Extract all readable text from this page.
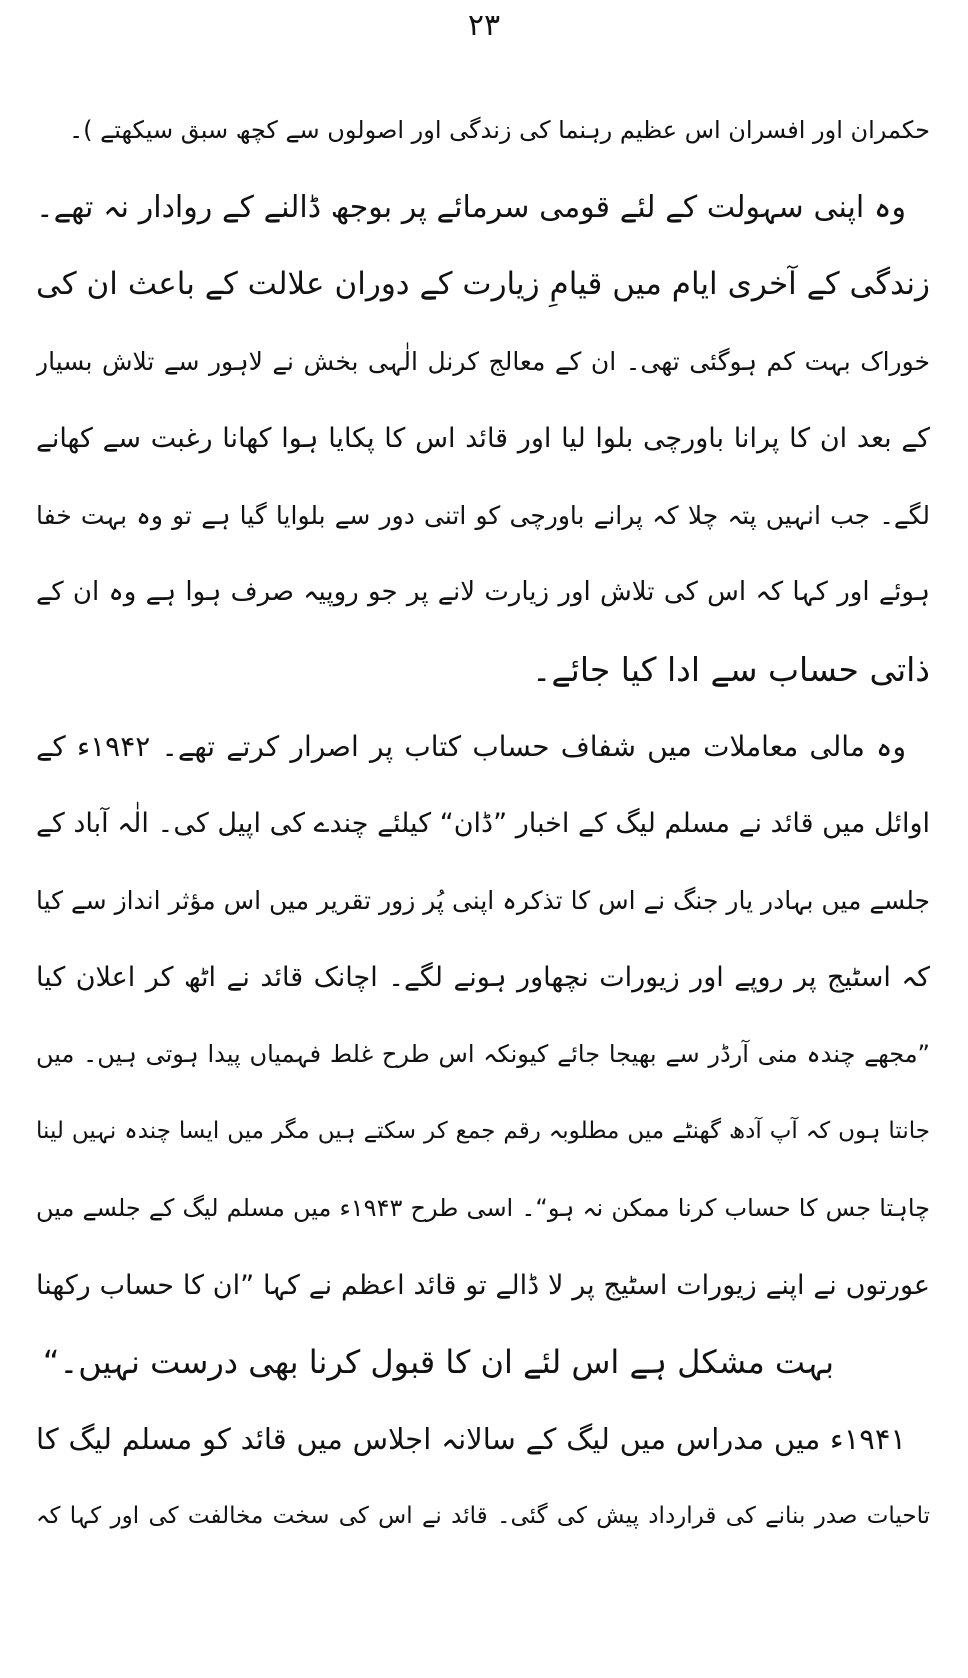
۲۳
حکمران اور افسران اس عظیم رہنما کی زندگی اور اصولوں سے کچھ سبق سیکھتے )۔
وہ اپنی سہولت کے لئے قومی سرمائے پر بوجھ ڈالنے کے روادار نہ تھے۔
زندگی کے آخری ایام میں قیامِ زیارت کے دوران علالت کے باعث ان کی
خوراک بہت کم ہوگئی تھی۔ ان کے معالج کرنل الٰہی بخش نے لاہور سے تلاش بسیار
کے بعد ان کا پرانا باورچی بلوا لیا اور قائد اس کا پکایا ہوا کھانا رغبت سے کھانے
لگے۔ جب انہیں پتہ چلا کہ پرانے باورچی کو اتنی دور سے بلوایا گیا ہے تو وہ بہت خفا
ہوئے اور کہا کہ اس کی تلاش اور زیارت لانے پر جو روپیہ صرف ہوا ہے وہ ان کے
ذاتی حساب سے ادا کیا جائے۔
وہ مالی معاملات میں شفاف حساب کتاب پر اصرار کرتے تھے۔ ۱۹۴۲ء کے
اوائل میں قائد نے مسلم لیگ کے اخبار ”ڈان“ کیلئے چندے کی اپیل کی۔ الٰہ آباد کے
جلسے میں بہادر یار جنگ نے اس کا تذکرہ اپنی پُر زور تقریر میں اس مؤثر انداز سے کیا
کہ اسٹیج پر روپے اور زیورات نچھاور ہونے لگے۔ اچانک قائد نے اٹھ کر اعلان کیا
”مجھے چندہ منی آرڈر سے بھیجا جائے کیونکہ اس طرح غلط فہمیاں پیدا ہوتی ہیں۔ میں
جانتا ہوں کہ آپ آدھ گھنٹے میں مطلوبہ رقم جمع کر سکتے ہیں مگر میں ایسا چندہ نہیں لینا
چاہتا جس کا حساب کرنا ممکن نہ ہو“۔ اسی طرح ۱۹۴۳ء میں مسلم لیگ کے جلسے میں
عورتوں نے اپنے زیورات اسٹیج پر لا ڈالے تو قائد اعظم نے کہا ”ان کا حساب رکھنا
بہت مشکل ہے اس لئے ان کا قبول کرنا بھی درست نہیں۔“
۱۹۴۱ء میں مدراس میں لیگ کے سالانہ اجلاس میں قائد کو مسلم لیگ کا
تاحیات صدر بنانے کی قرارداد پیش کی گئی۔ قائد نے اس کی سخت مخالفت کی اور کہا کہ
